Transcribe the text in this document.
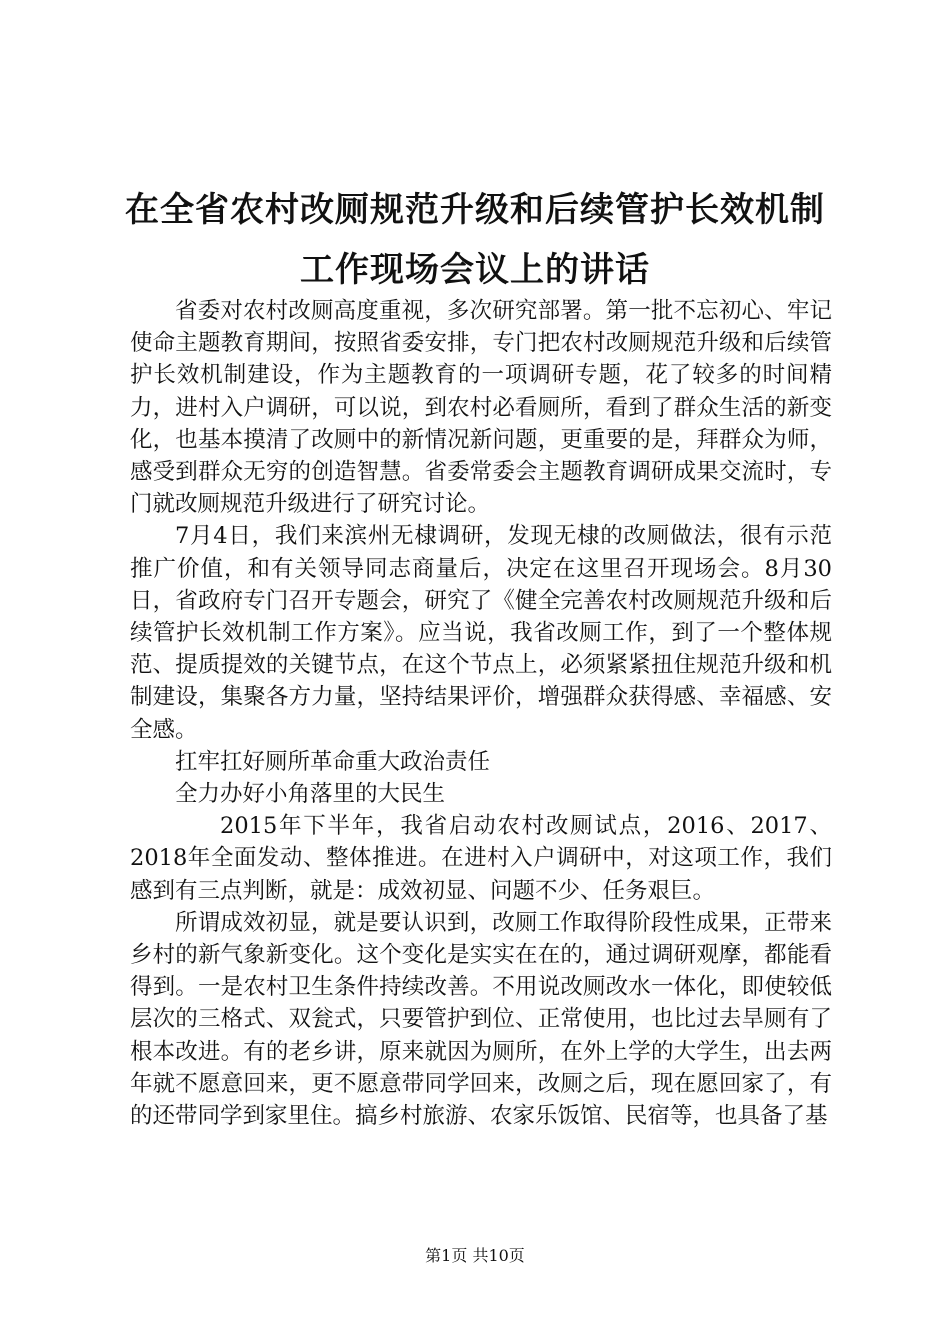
在全省农村改厕规范升级和后续管护长效机制
工作现场会议上的讲话

省委对农村改厕高度重视，多次研究部署。第一批不忘初心、牢记使命主题教育期间，按照省委安排，专门把农村改厕规范升级和后续管护长效机制建设，作为主题教育的一项调研专题，花了较多的时间精力，进村入户调研，可以说，到农村必看厕所，看到了群众生活的新变化，也基本摸清了改厕中的新情况新问题，更重要的是，拜群众为师，感受到群众无穷的创造智慧。省委常委会主题教育调研成果交流时，专门就改厕规范升级进行了研究讨论。

7月4日，我们来滨州无棣调研，发现无棣的改厕做法，很有示范推广价值，和有关领导同志商量后，决定在这里召开现场会。8月30日，省政府专门召开专题会，研究了《健全完善农村改厕规范升级和后续管护长效机制工作方案》。应当说，我省改厕工作，到了一个整体规范、提质提效的关键节点，在这个节点上，必须紧紧扭住规范升级和机制建设，集聚各方力量，坚持结果评价，增强群众获得感、幸福感、安全感。

扛牢扛好厕所革命重大政治责任

全力办好小角落里的大民生

2015年下半年，我省启动农村改厕试点，2016、2017、2018年全面发动、整体推进。在进村入户调研中，对这项工作，我们感到有三点判断，就是：成效初显、问题不少、任务艰巨。

所谓成效初显，就是要认识到，改厕工作取得阶段性成果，正带来乡村的新气象新变化。这个变化是实实在在的，通过调研观摩，都能看得到。一是农村卫生条件持续改善。不用说改厕改水一体化，即使较低层次的三格式、双瓮式，只要管护到位、正常使用，也比过去旱厕有了根本改进。有的老乡讲，原来就因为厕所，在外上学的大学生，出去两年就不愿意回来，更不愿意带同学回来，改厕之后，现在愿回家了，有的还带同学到家里住。搞乡村旅游、农家乐饭馆、民宿等，也具备了基

第1页 共10页
